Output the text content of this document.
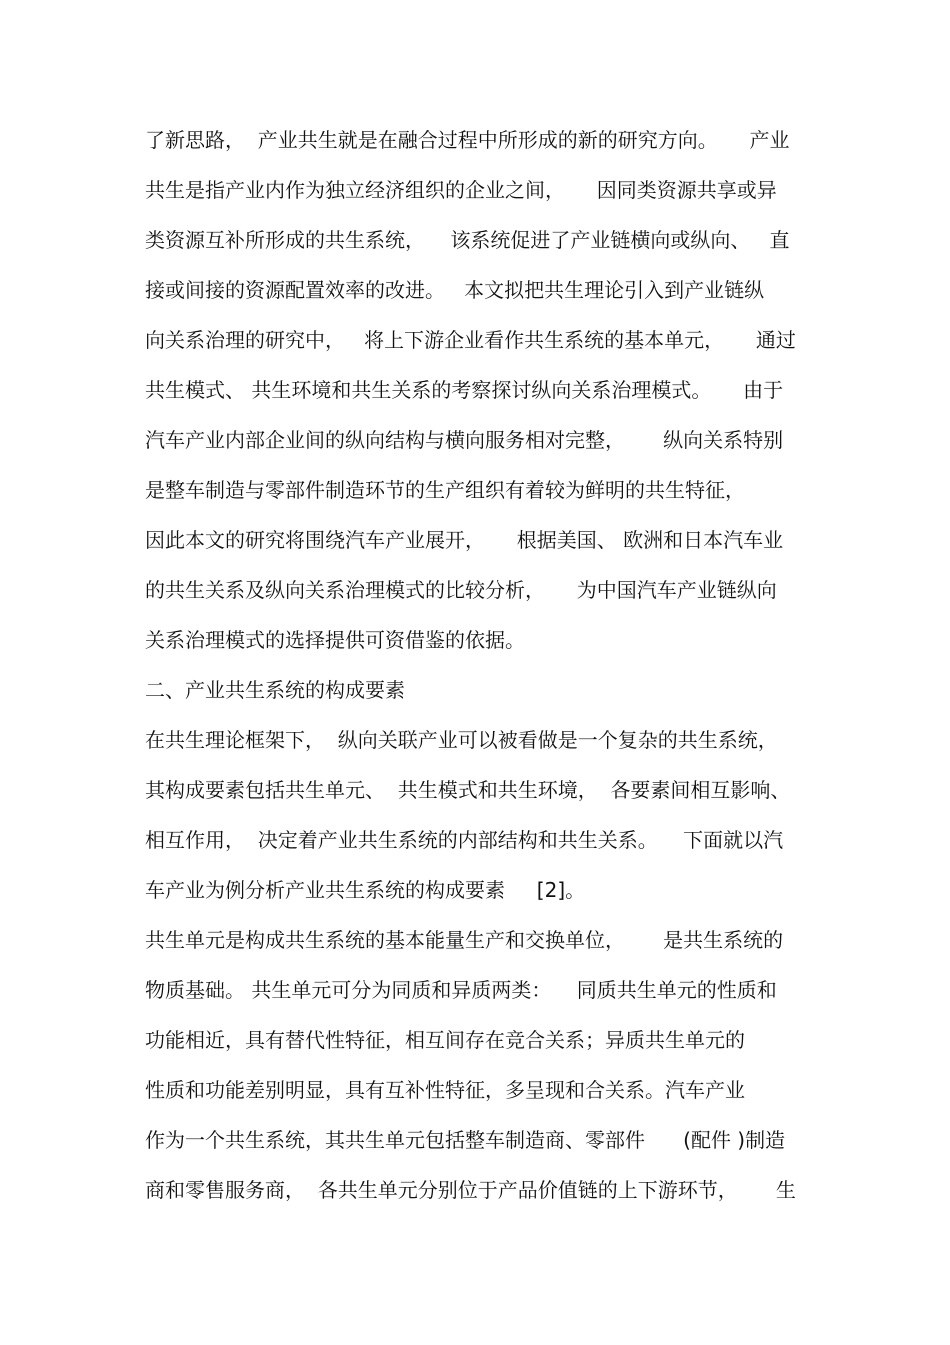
了新思路，  产业共生就是在融合过程中所形成的新的研究方向。     产业
共生是指产业内作为独立经济组织的企业之间，     因同类资源共享或异
类资源互补所形成的共生系统，    该系统促进了产业链横向或纵向、   直
接或间接的资源配置效率的改进。   本文拟把共生理论引入到产业链纵
向关系治理的研究中，   将上下游企业看作共生系统的基本单元，     通过
共生模式、 共生环境和共生关系的考察探讨纵向关系治理模式。     由于
汽车产业内部企业间的纵向结构与横向服务相对完整，      纵向关系特别
是整车制造与零部件制造环节的生产组织有着较为鲜明的共生特征，
因此本文的研究将围绕汽车产业展开，     根据美国、 欧洲和日本汽车业
的共生关系及纵向关系治理模式的比较分析，     为中国汽车产业链纵向
关系治理模式的选择提供可资借鉴的依据。
二、产业共生系统的构成要素
在共生理论框架下，  纵向关联产业可以被看做是一个复杂的共生系统，
其构成要素包括共生单元、  共生模式和共生环境，  各要素间相互影响、
相互作用，  决定着产业共生系统的内部结构和共生关系。    下面就以汽
车产业为例分析产业共生系统的构成要素     [2]。
共生单元是构成共生系统的基本能量生产和交换单位，      是共生系统的
物质基础。 共生单元可分为同质和异质两类：    同质共生单元的性质和
功能相近，具有替代性特征，相互间存在竞合关系；异质共生单元的
性质和功能差别明显，具有互补性特征，多呈现和合关系。汽车产业
作为一个共生系统，其共生单元包括整车制造商、零部件      (配件 )制造
商和零售服务商，  各共生单元分别位于产品价值链的上下游环节，      生
